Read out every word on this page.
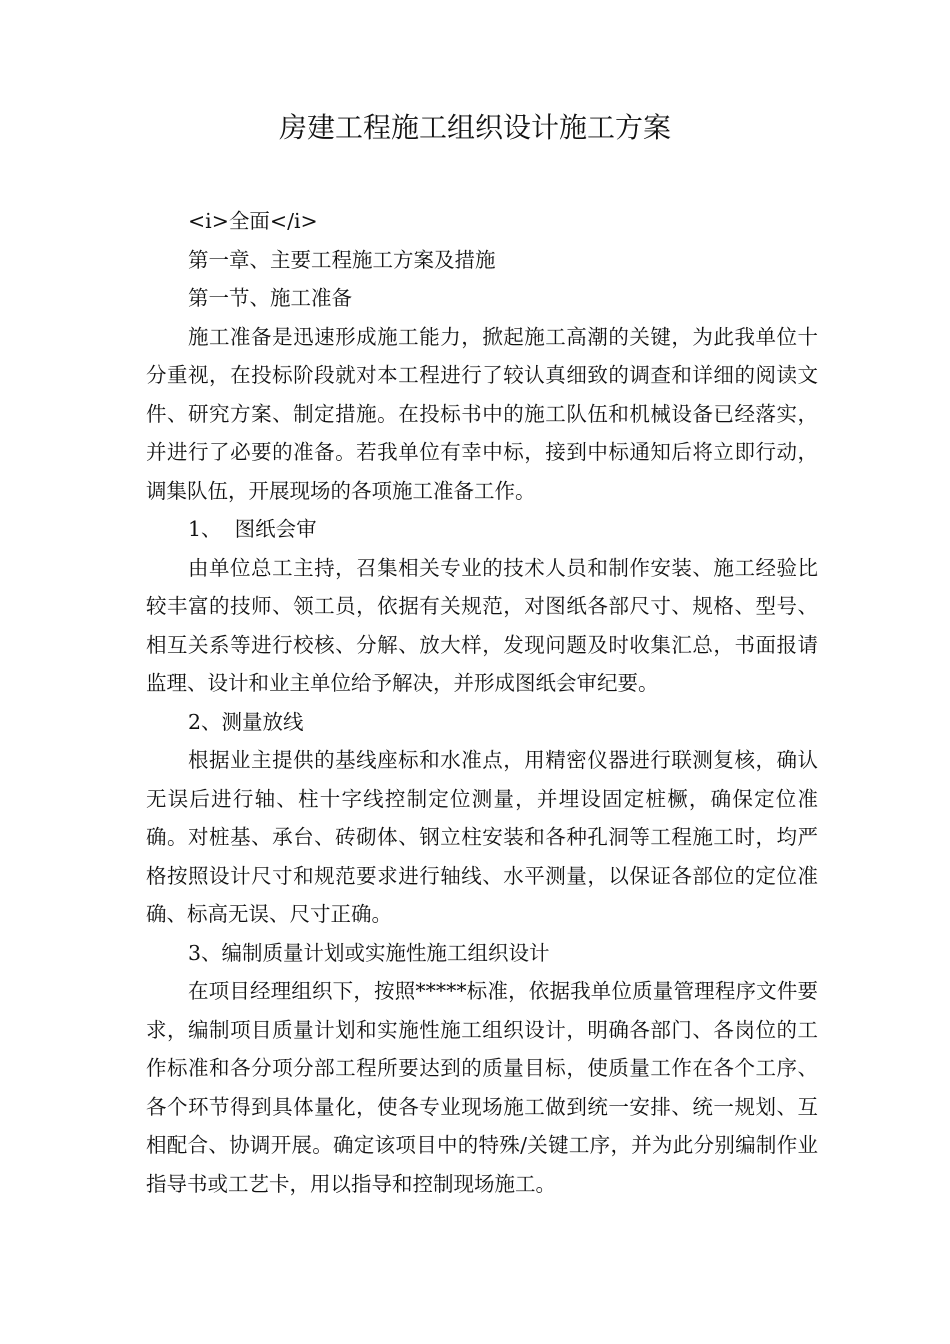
房建工程施工组织设计施工方案

<i>全面</i>

第一章、主要工程施工方案及措施

第一节、施工准备

施工准备是迅速形成施工能力，掀起施工高潮的关键，为此我单位十分重视，在投标阶段就对本工程进行了较认真细致的调查和详细的阅读文件、研究方案、制定措施。在投标书中的施工队伍和机械设备已经落实，并进行了必要的准备。若我单位有幸中标，接到中标通知后将立即行动，调集队伍，开展现场的各项施工准备工作。

1、  图纸会审

由单位总工主持，召集相关专业的技术人员和制作安装、施工经验比较丰富的技师、领工员，依据有关规范，对图纸各部尺寸、规格、型号、相互关系等进行校核、分解、放大样，发现问题及时收集汇总，书面报请监理、设计和业主单位给予解决，并形成图纸会审纪要。

2、测量放线

根据业主提供的基线座标和水准点，用精密仪器进行联测复核，确认无误后进行轴、柱十字线控制定位测量，并埋设固定桩橛，确保定位准确。对桩基、承台、砖砌体、钢立柱安装和各种孔洞等工程施工时，均严格按照设计尺寸和规范要求进行轴线、水平测量，以保证各部位的定位准确、标高无误、尺寸正确。

3、编制质量计划或实施性施工组织设计

在项目经理组织下，按照*****标准，依据我单位质量管理程序文件要求，编制项目质量计划和实施性施工组织设计，明确各部门、各岗位的工作标准和各分项分部工程所要达到的质量目标，使质量工作在各个工序、各个环节得到具体量化，使各专业现场施工做到统一安排、统一规划、互相配合、协调开展。确定该项目中的特殊/关键工序，并为此分别编制作业指导书或工艺卡，用以指导和控制现场施工。
